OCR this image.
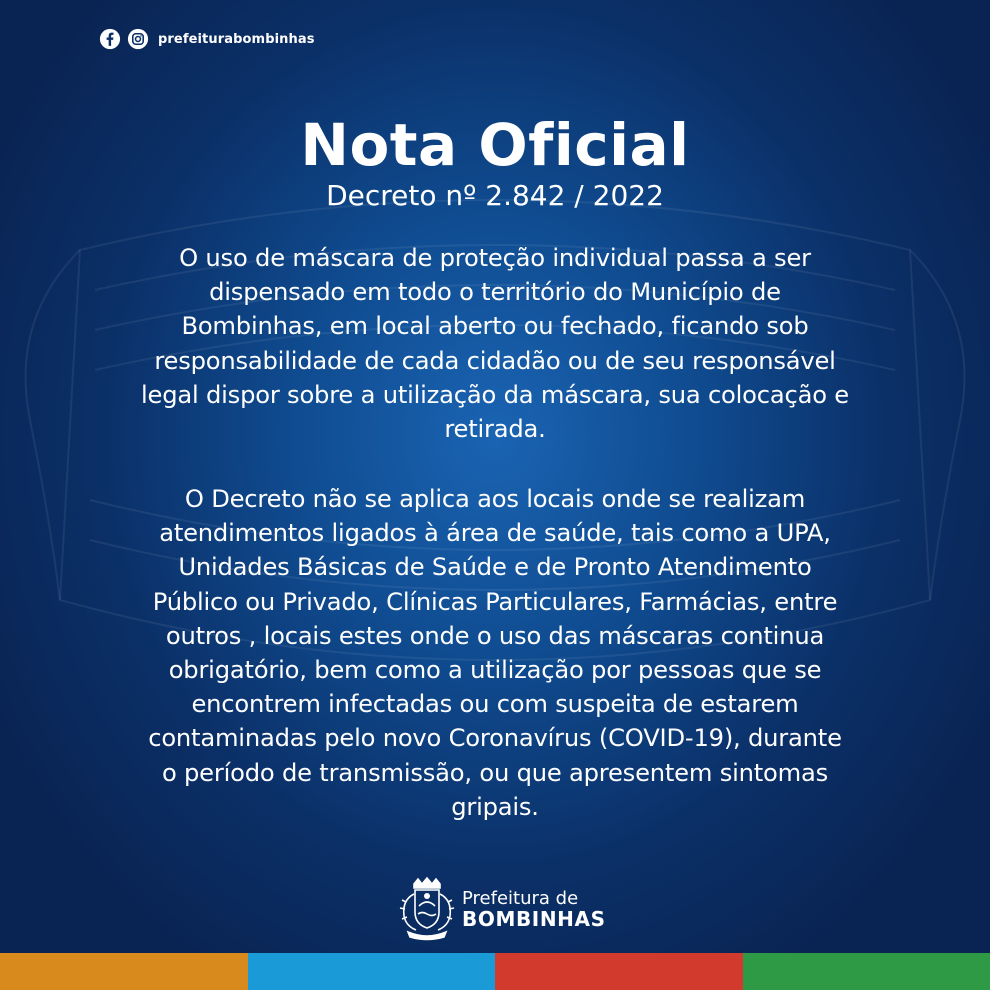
prefeiturabombinhas
Nota Oficial
Decreto nº 2.842 / 2022
O uso de máscara de proteção individual passa a ser
dispensado em todo o território do Município de
Bombinhas, em local aberto ou fechado, ficando sob
responsabilidade de cada cidadão ou de seu responsável
legal dispor sobre a utilização da máscara, sua colocação e
retirada.
O Decreto não se aplica aos locais onde se realizam
atendimentos ligados à área de saúde, tais como a UPA,
Unidades Básicas de Saúde e de Pronto Atendimento
Público ou Privado, Clínicas Particulares, Farmácias, entre
outros , locais estes onde o uso das máscaras continua
obrigatório, bem como a utilização por pessoas que se
encontrem infectadas ou com suspeita de estarem
contaminadas pelo novo Coronavírus (COVID-19), durante
o período de transmissão, ou que apresentem sintomas
gripais.
Prefeitura de
BOMBINHAS
